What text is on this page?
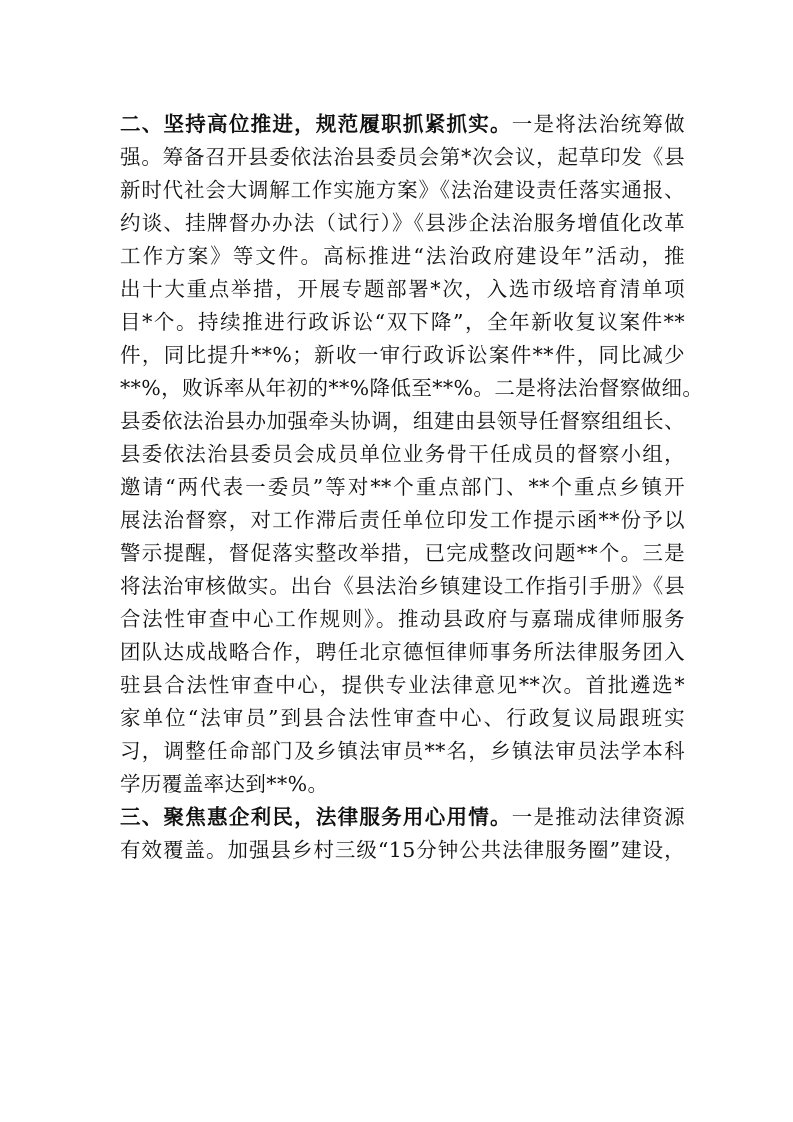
二、坚持高位推进，规范履职抓紧抓实。一是将法治统筹做
强。筹备召开县委依法治县委员会第*次会议，起草印发《县
新时代社会大调解工作实施方案》《法治建设责任落实通报、
约谈、挂牌督办办法（试行）》《县涉企法治服务增值化改革
工作方案》等文件。高标推进“法治政府建设年”活动，推
出十大重点举措，开展专题部署*次，入选市级培育清单项
目*个。持续推进行政诉讼“双下降”，全年新收复议案件**
件，同比提升**%；新收一审行政诉讼案件**件，同比减少
**%，败诉率从年初的**%降低至**%。二是将法治督察做细。
县委依法治县办加强牵头协调，组建由县领导任督察组组长、
县委依法治县委员会成员单位业务骨干任成员的督察小组，
邀请“两代表一委员”等对**个重点部门、**个重点乡镇开
展法治督察，对工作滞后责任单位印发工作提示函**份予以
警示提醒，督促落实整改举措，已完成整改问题**个。三是
将法治审核做实。出台《县法治乡镇建设工作指引手册》《县
合法性审查中心工作规则》。推动县政府与嘉瑞成律师服务
团队达成战略合作，聘任北京德恒律师事务所法律服务团入
驻县合法性审查中心，提供专业法律意见**次。首批遴选*
家单位“法审员”到县合法性审查中心、行政复议局跟班实
习，调整任命部门及乡镇法审员**名，乡镇法审员法学本科
学历覆盖率达到**%。
三、聚焦惠企利民，法律服务用心用情。一是推动法律资源
有效覆盖。加强县乡村三级“15分钟公共法律服务圈”建设，
